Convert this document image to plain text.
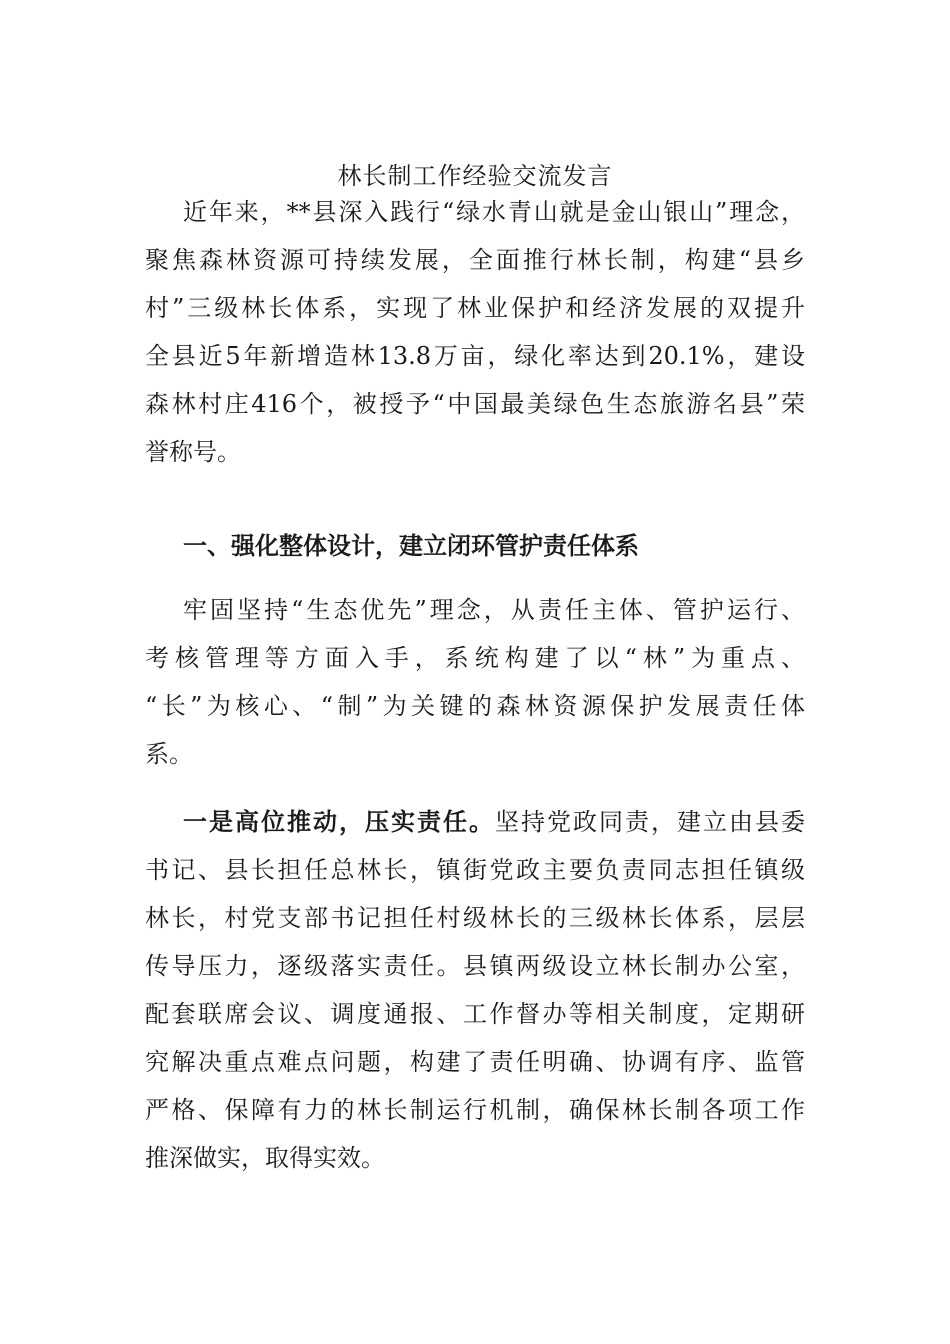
林长制工作经验交流发言
近年来，**县深入践行“绿水青山就是金山银山”理念，
聚焦森林资源可持续发展，全面推行林长制，构建“县乡
村”三级林长体系，实现了林业保护和经济发展的双提升
全县近5年新增造林13.8万亩，绿化率达到20.1%，建设
森林村庄416个，被授予“中国最美绿色生态旅游名县”荣
誉称号。
一、强化整体设计，建立闭环管护责任体系
牢固坚持“生态优先”理念，从责任主体、管护运行、
考核管理等方面入手，系统构建了以“林”为重点、
“长”为核心、“制”为关键的森林资源保护发展责任体
系。
一是高位推动，压实责任。坚持党政同责，建立由县委
书记、县长担任总林长，镇街党政主要负责同志担任镇级
林长，村党支部书记担任村级林长的三级林长体系，层层
传导压力，逐级落实责任。县镇两级设立林长制办公室，
配套联席会议、调度通报、工作督办等相关制度，定期研
究解决重点难点问题，构建了责任明确、协调有序、监管
严格、保障有力的林长制运行机制，确保林长制各项工作
推深做实，取得实效。
